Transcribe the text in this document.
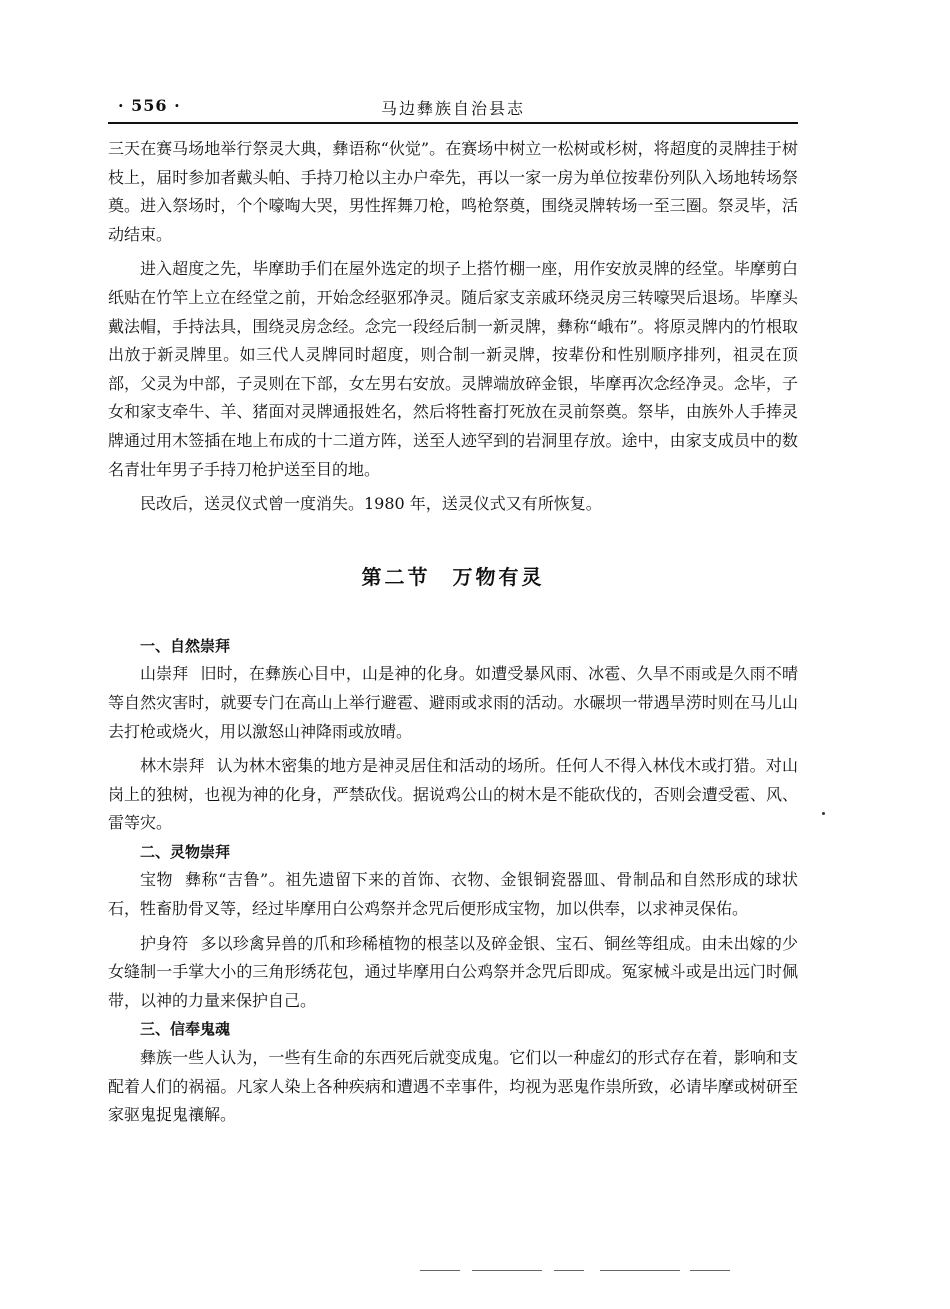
· 556 ·	马边彝族自治县志

三天在赛马场地举行祭灵大典，彝语称“伙觉”。在赛场中树立一松树或杉树，将超度的灵牌挂于树枝上，届时参加者戴头帕、手持刀枪以主办户牵先，再以一家一房为单位按辈份列队入场地转场祭奠。进入祭场时，个个嚎啕大哭，男性挥舞刀枪，鸣枪祭奠，围绕灵牌转场一至三圈。祭灵毕，活动结束。

进入超度之先，毕摩助手们在屋外选定的坝子上搭竹棚一座，用作安放灵牌的经堂。毕摩剪白纸贴在竹竿上立在经堂之前，开始念经驱邪净灵。随后家支亲戚环绕灵房三转嚎哭后退场。毕摩头戴法帽，手持法具，围绕灵房念经。念完一段经后制一新灵牌，彝称“峨布”。将原灵牌内的竹根取出放于新灵牌里。如三代人灵牌同时超度，则合制一新灵牌，按辈份和性别顺序排列，祖灵在顶部，父灵为中部，子灵则在下部，女左男右安放。灵牌端放碎金银，毕摩再次念经净灵。念毕，子女和家支牵牛、羊、猪面对灵牌通报姓名，然后将牲畜打死放在灵前祭奠。祭毕，由族外人手捧灵牌通过用木签插在地上布成的十二道方阵，送至人迹罕到的岩洞里存放。途中，由家支成员中的数名青壮年男子手持刀枪护送至目的地。

民改后，送灵仪式曾一度消失。1980 年，送灵仪式又有所恢复。

第二节 万物有灵
一、自然崇拜

山崇拜 旧时，在彝族心目中，山是神的化身。如遭受暴风雨、冰雹、久旱不雨或是久雨不晴等自然灾害时，就要专门在高山上举行避雹、避雨或求雨的活动。水碾坝一带遇旱涝时则在马儿山去打枪或烧火，用以激怒山神降雨或放晴。

林木崇拜 认为林木密集的地方是神灵居住和活动的场所。任何人不得入林伐木或打猎。对山岗上的独树，也视为神的化身，严禁砍伐。据说鸡公山的树木是不能砍伐的，否则会遭受雹、风、雷等灾。

二、灵物崇拜

宝物 彝称“吉鲁”。祖先遗留下来的首饰、衣物、金银铜瓷器皿、骨制品和自然形成的球状石，牲畜肋骨叉等，经过毕摩用白公鸡祭并念咒后便形成宝物，加以供奉，以求神灵保佑。

护身符 多以珍禽异兽的爪和珍稀植物的根茎以及碎金银、宝石、铜丝等组成。由未出嫁的少女缝制一手掌大小的三角形绣花包，通过毕摩用白公鸡祭并念咒后即成。冤家械斗或是出远门时佩带，以神的力量来保护自己。

三、信奉鬼魂

彝族一些人认为，一些有生命的东西死后就变成鬼。它们以一种虚幻的形式存在着，影响和支配着人们的祸福。凡家人染上各种疾病和遭遇不幸事件，均视为恶鬼作祟所致，必请毕摩或树研至家驱鬼捉鬼禳解。
